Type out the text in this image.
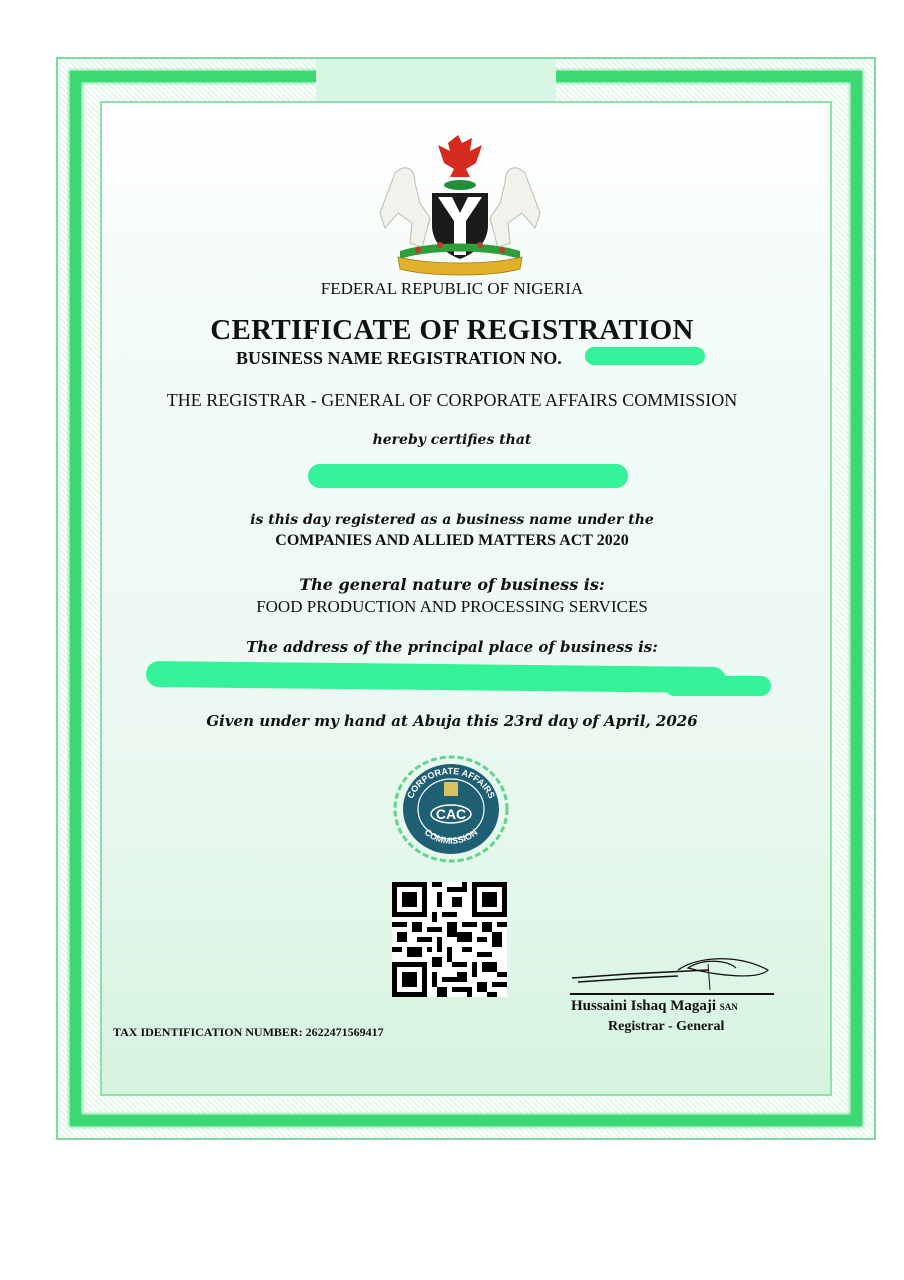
FEDERAL REPUBLIC OF NIGERIA
CERTIFICATE OF REGISTRATION
BUSINESS NAME REGISTRATION NO.
THE REGISTRAR - GENERAL OF CORPORATE AFFAIRS COMMISSION
hereby certifies that
is this day registered as a business name under the
COMPANIES AND ALLIED MATTERS ACT 2020
The general nature of business is:
FOOD PRODUCTION AND PROCESSING SERVICES
The address of the principal place of business is:
Given under my hand at Abuja this 23rd day of April, 2026
CORPORATE AFFAIRS
COMMISSION
CAC
Hussaini Ishaq Magaji SAN
Registrar - General
TAX IDENTIFICATION NUMBER: 2622471569417
